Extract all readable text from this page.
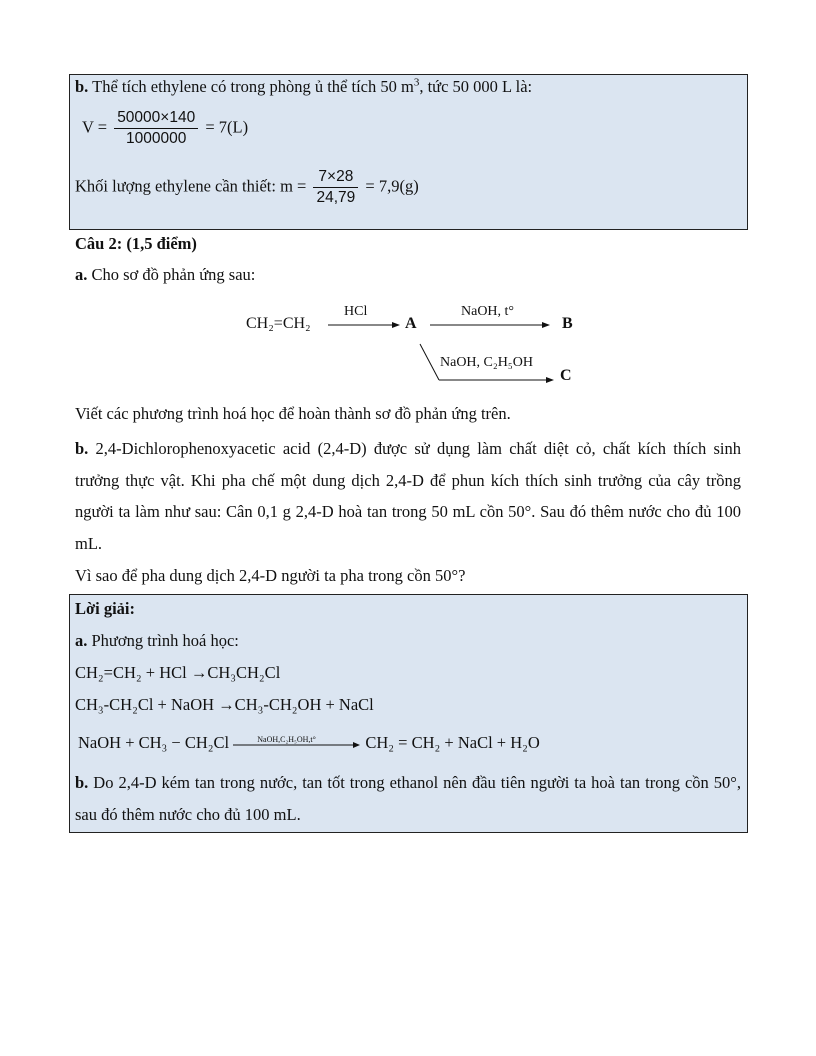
b. Thể tích ethylene có trong phòng ủ thể tích 50 $m^3$, tức 50 000 L là:
$V = \frac{50000\times 140}{1000000} = 7(L)$
Khối lượng ethylene cần thiết: $m = \frac{7\times 28}{24,79} = 7,9(g)$
Câu 2: (1,5 điểm)
a. Cho sơ đồ phản ứng sau:
CH₂=CH₂
HCl
A
NaOH, t°
B
NaOH, C₂H₅OH
C
Viết các phương trình hoá học để hoàn thành sơ đồ phản ứng trên.
b. 2,4-Dichlorophenoxyacetic acid (2,4-D) được sử dụng làm chất diệt cỏ, chất kích thích sinh trưởng thực vật. Khi pha chế một dung dịch 2,4-D để phun kích thích sinh trưởng của cây trồng người ta làm như sau: Cân 0,1 g 2,4-D hoà tan trong 50 mL cồn 50°. Sau đó thêm nước cho đủ 100 mL.
Vì sao để pha dung dịch 2,4-D người ta pha trong cồn 50°?
Lời giải:
a. Phương trình hoá học:
CH₂=CH₂ + HCl →CH₃CH₂Cl
CH₃-CH₂Cl + NaOH →CH₃-CH₂OH + NaCl
NaOH + CH₃ − CH₂Cl	NaOH,C₂H₅OH,t°	CH₂ = CH₂ + NaCl + H₂O
b. Do 2,4-D kém tan trong nước, tan tốt trong ethanol nên đầu tiên người ta hoà tan trong cồn 50°, sau đó thêm nước cho đủ 100 mL.
